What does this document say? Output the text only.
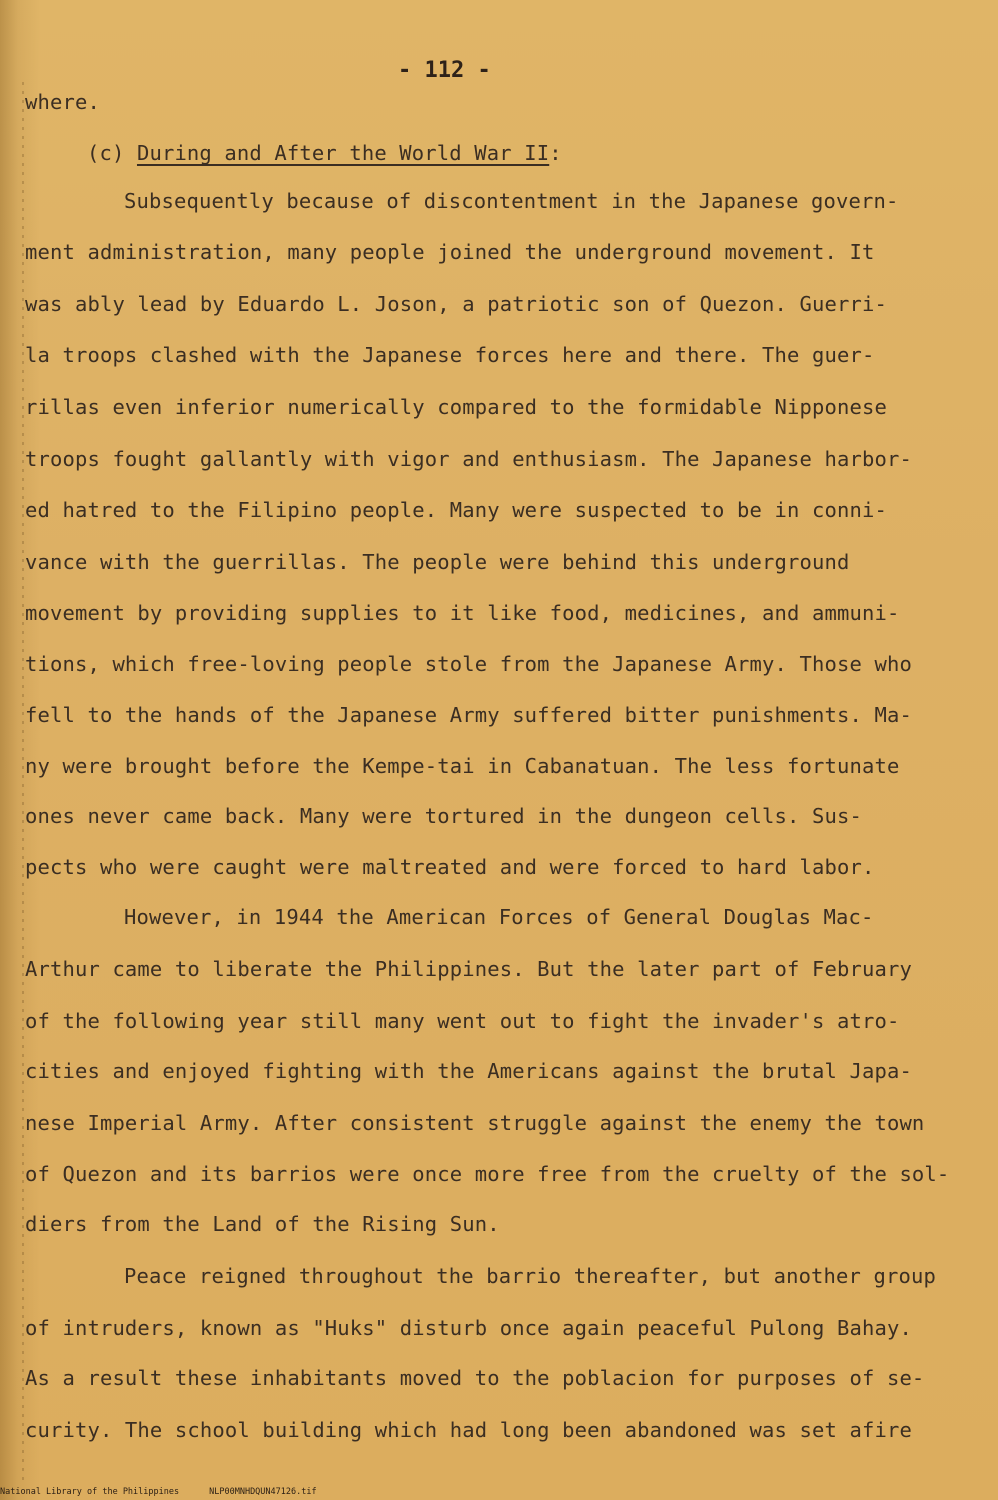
- 112 -
where.
(c) During and After the World War II:
Subsequently because of discontentment in the Japanese govern-
ment administration, many people joined the underground movement. It
was ably lead by Eduardo L. Joson, a patriotic son of Quezon. Guerri-
la troops clashed with the Japanese forces here and there. The guer-
rillas even inferior numerically compared to the formidable Nipponese
troops fought gallantly with vigor and enthusiasm. The Japanese harbor-
ed hatred to the Filipino people. Many were suspected to be in conni-
vance with the guerrillas. The people were behind this underground
movement by providing supplies to it like food, medicines, and ammuni-
tions, which free-loving people stole from the Japanese Army. Those who
fell to the hands of the Japanese Army suffered bitter punishments. Ma-
ny were brought before the Kempe-tai in Cabanatuan. The less fortunate
ones never came back. Many were tortured in the dungeon cells. Sus-
pects who were caught were maltreated and were forced to hard labor.
However, in 1944 the American Forces of General Douglas Mac-
Arthur came to liberate the Philippines. But the later part of February
of the following year still many went out to fight the invader's atro-
cities and enjoyed fighting with the Americans against the brutal Japa-
nese Imperial Army. After consistent struggle against the enemy the town
of Quezon and its barrios were once more free from the cruelty of the sol-
diers from the Land of the Rising Sun.
Peace reigned throughout the barrio thereafter, but another group
of intruders, known as "Huks" disturb once again peaceful Pulong Bahay.
As a result these inhabitants moved to the poblacion for purposes of se-
curity. The school building which had long been abandoned was set afire
National Library of the Philippines	NLP00MNHDQUN47126.tif
